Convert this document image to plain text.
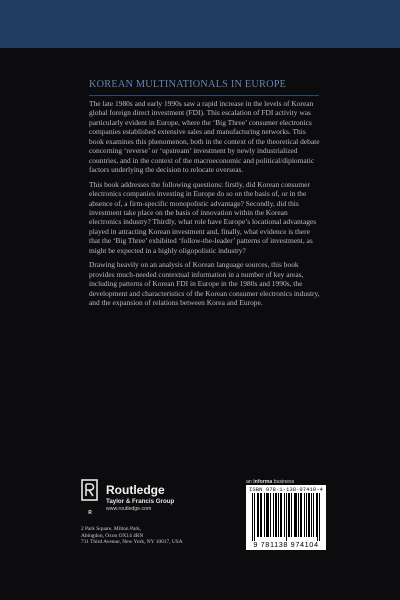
KOREAN MULTINATIONALS IN EUROPE

The late 1980s and early 1990s saw a rapid increase in the levels of Korean global foreign direct investment (FDI). This escalation of FDI activity was particularly evident in Europe, where the ‘Big Three’ consumer electronics companies established extensive sales and manufacturing networks. This book examines this phenomenon, both in the context of the theoretical debate concerning ‘reverse’ or ‘upstream’ investment by newly industrialized countries, and in the context of the macroeconomic and political/diplomatic factors underlying the decision to relocate overseas.

This book addresses the following questions: firstly, did Korean consumer electronics companies investing in Europe do so on the basis of, or in the absence of, a firm-specific monopolistic advantage? Secondly, did this investment take place on the basis of innovation within the Korean electronics industry? Thirdly, what role have Europe’s locational advantages played in attracting Korean investment and, finally, what evidence is there that the ‘Big Three’ exhibited ‘follow-the-leader’ patterns of investment, as might be expected in a highly oligopolistic industry?

Drawing heavily on an analysis of Korean language sources, this book provides much-needed contextual information in a number of key areas, including patterns of Korean FDI in Europe in the 1980s and 1990s, the development and characteristics of the Korean consumer electronics industry, and the expansion of relations between Korea and Europe.

an informa business
ISBN 978-1-138-97410-4
9 781138 974104
R
Routledge
Taylor & Francis Group
www.routledge.com
2 Park Square, Milton Park,
Abingdon, Oxon OX14 4RN
711 Third Avenue, New York, NY 10017, USA
